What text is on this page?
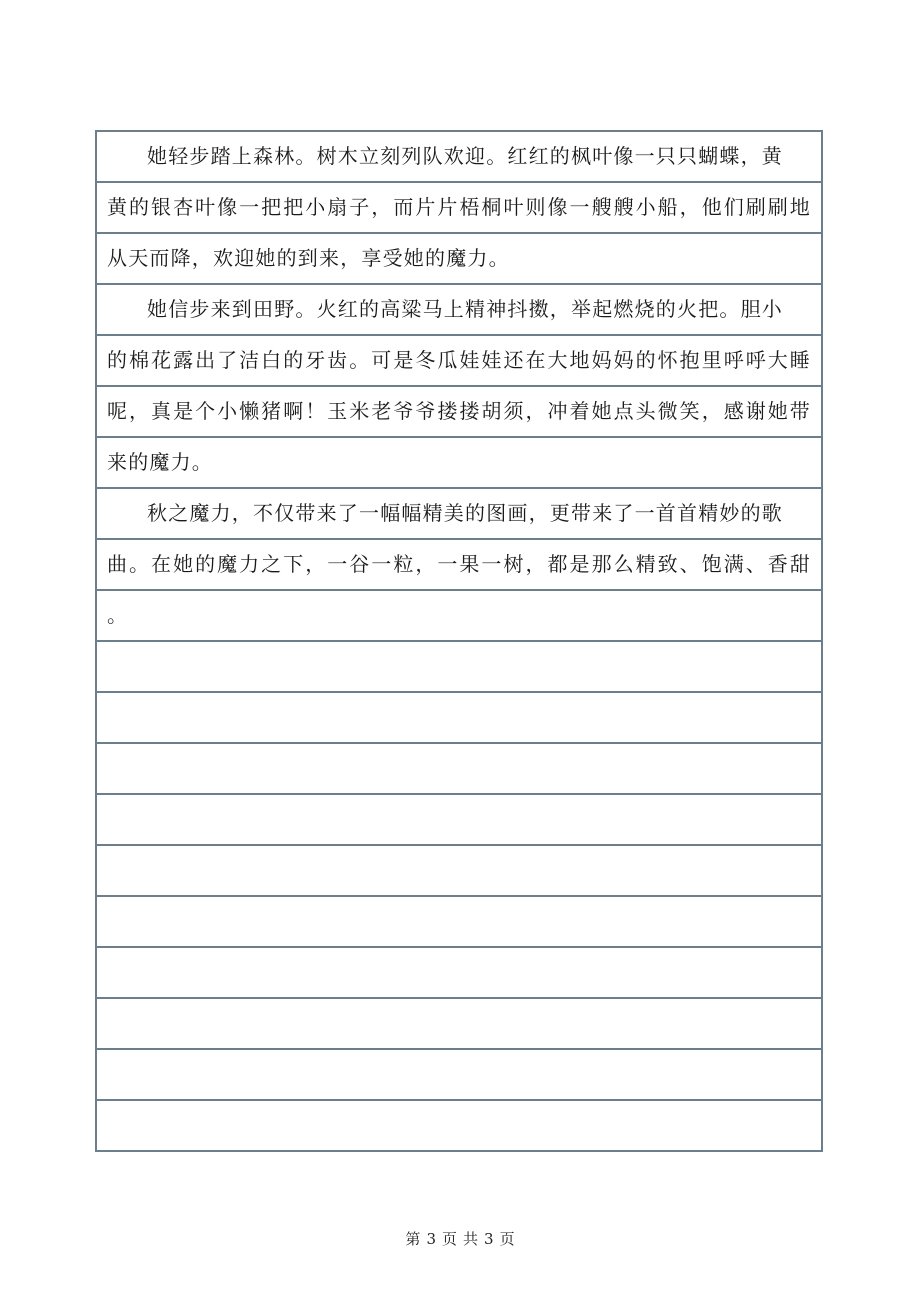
她轻步踏上森林。树木立刻列队欢迎。红红的枫叶像一只只蝴蝶，黄
黄的银杏叶像一把把小扇子，而片片梧桐叶则像一艘艘小船，他们刷刷地
从天而降，欢迎她的到来，享受她的魔力。
她信步来到田野。火红的高粱马上精神抖擞，举起燃烧的火把。胆小
的棉花露出了洁白的牙齿。可是冬瓜娃娃还在大地妈妈的怀抱里呼呼大睡
呢，真是个小懒猪啊！玉米老爷爷搂搂胡须，冲着她点头微笑，感谢她带
来的魔力。
秋之魔力，不仅带来了一幅幅精美的图画，更带来了一首首精妙的歌
曲。在她的魔力之下，一谷一粒，一果一树，都是那么精致、饱满、香甜
。
第 3 页 共 3 页
